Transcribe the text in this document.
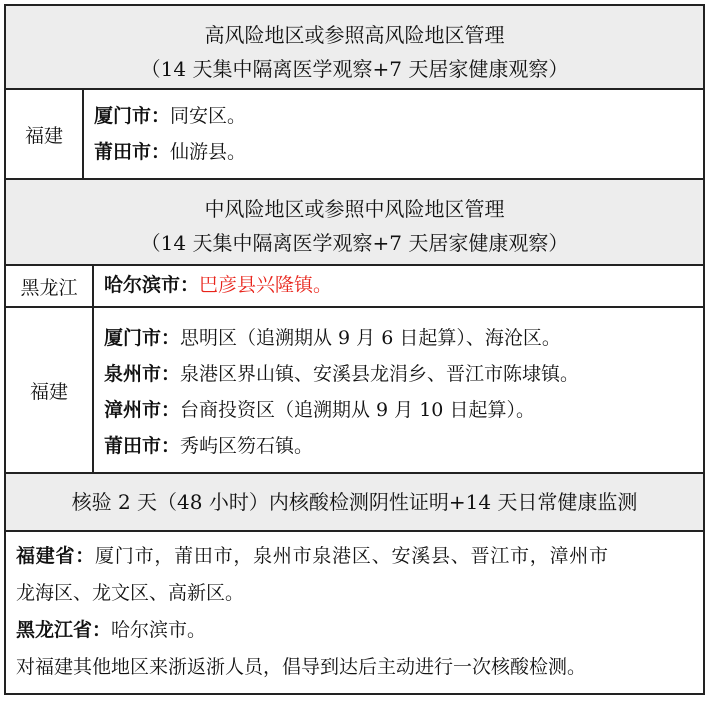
高风险地区或参照高风险地区管理
（14 天集中隔离医学观察+7 天居家健康观察）
福建
厦门市：同安区。
莆田市：仙游县。
中风险地区或参照中风险地区管理
（14 天集中隔离医学观察+7 天居家健康观察）
黑龙江	哈尔滨市：巴彦县兴隆镇。
福建
厦门市：思明区（追溯期从 9 月 6 日起算）、海沧区。
泉州市：泉港区界山镇、安溪县龙涓乡、晋江市陈埭镇。
漳州市：台商投资区（追溯期从 9 月 10 日起算）。
莆田市：秀屿区笏石镇。
核验 2 天（48 小时）内核酸检测阴性证明+14 天日常健康监测
福建省：厦门市，莆田市，泉州市泉港区、安溪县、晋江市，漳州市
龙海区、龙文区、高新区。
黑龙江省：哈尔滨市。
对福建其他地区来浙返浙人员，倡导到达后主动进行一次核酸检测。
